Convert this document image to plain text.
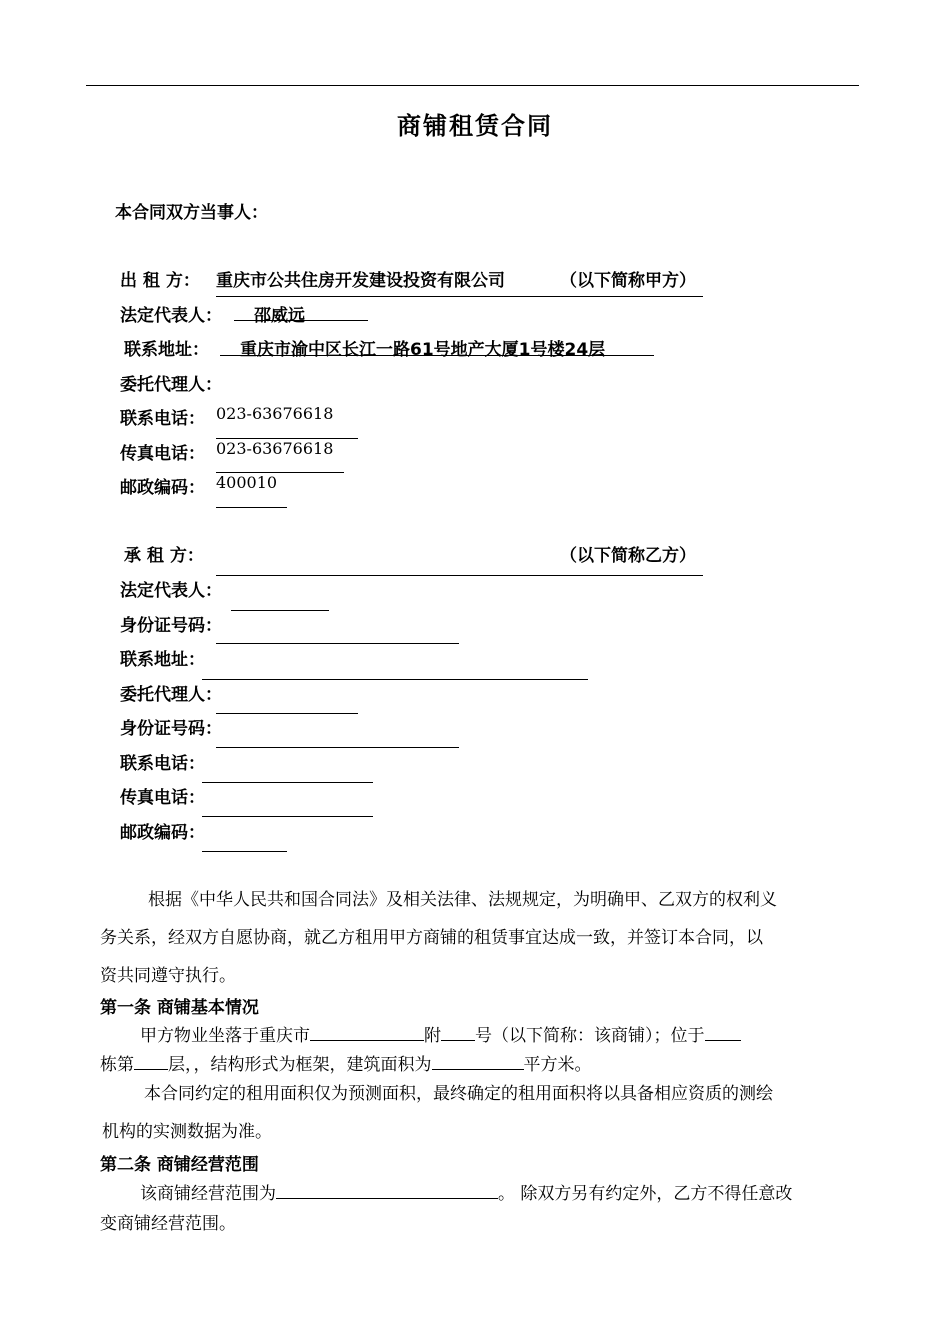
商铺租赁合同
本合同双方当事人：
出 租 方： 重庆市公共住房开发建设投资有限公司	（以下简称甲方）
法定代表人： 邵威远
联系地址： 重庆市渝中区长江一路61号地产大厦1号楼24层
委托代理人：
联系电话： 023-63676618
传真电话： 023-63676618
邮政编码： 400010
承 租 方：	（以下简称乙方）
法定代表人：
身份证号码：
联系地址：
委托代理人：
身份证号码：
联系电话：
传真电话：
邮政编码：
根据《中华人民共和国合同法》及相关法律、法规规定，为明确甲、乙双方的权利义
务关系，经双方自愿协商，就乙方租用甲方商铺的租赁事宜达成一致，并签订本合同，以
资共同遵守执行。
第一条 商铺基本情况
甲方物业坐落于重庆市	附 号（以下简称：该商铺）；位于
栋第 层，，结构形式为框架，建筑面积为	平方米。
本合同约定的租用面积仅为预测面积，最终确定的租用面积将以具备相应资质的测绘
机构的实测数据为准。
第二条 商铺经营范围
该商铺经营范围为	。 除双方另有约定外，乙方不得任意改
变商铺经营范围。
